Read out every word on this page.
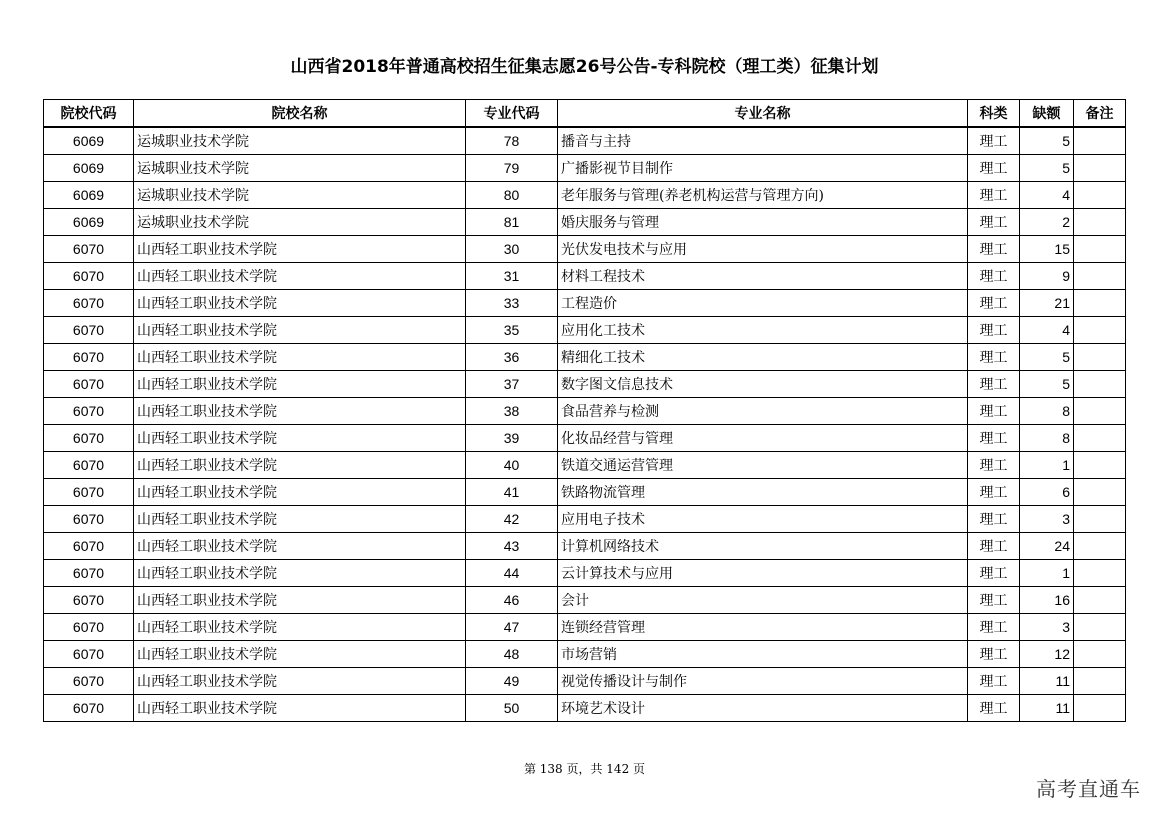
山西省2018年普通高校招生征集志愿26号公告-专科院校（理工类）征集计划
院校代码	院校名称	专业代码	专业名称	科类	缺额	备注
6069	运城职业技术学院	78	播音与主持	理工	5	
6069	运城职业技术学院	79	广播影视节目制作	理工	5	
6069	运城职业技术学院	80	老年服务与管理(养老机构运营与管理方向)	理工	4	
6069	运城职业技术学院	81	婚庆服务与管理	理工	2	
6070	山西轻工职业技术学院	30	光伏发电技术与应用	理工	15	
6070	山西轻工职业技术学院	31	材料工程技术	理工	9	
6070	山西轻工职业技术学院	33	工程造价	理工	21	
6070	山西轻工职业技术学院	35	应用化工技术	理工	4	
6070	山西轻工职业技术学院	36	精细化工技术	理工	5	
6070	山西轻工职业技术学院	37	数字图文信息技术	理工	5	
6070	山西轻工职业技术学院	38	食品营养与检测	理工	8	
6070	山西轻工职业技术学院	39	化妆品经营与管理	理工	8	
6070	山西轻工职业技术学院	40	铁道交通运营管理	理工	1	
6070	山西轻工职业技术学院	41	铁路物流管理	理工	6	
6070	山西轻工职业技术学院	42	应用电子技术	理工	3	
6070	山西轻工职业技术学院	43	计算机网络技术	理工	24	
6070	山西轻工职业技术学院	44	云计算技术与应用	理工	1	
6070	山西轻工职业技术学院	46	会计	理工	16	
6070	山西轻工职业技术学院	47	连锁经营管理	理工	3	
6070	山西轻工职业技术学院	48	市场营销	理工	12	
6070	山西轻工职业技术学院	49	视觉传播设计与制作	理工	11	
6070	山西轻工职业技术学院	50	环境艺术设计	理工	11	
第 138 页，共 142 页
高考直通车
